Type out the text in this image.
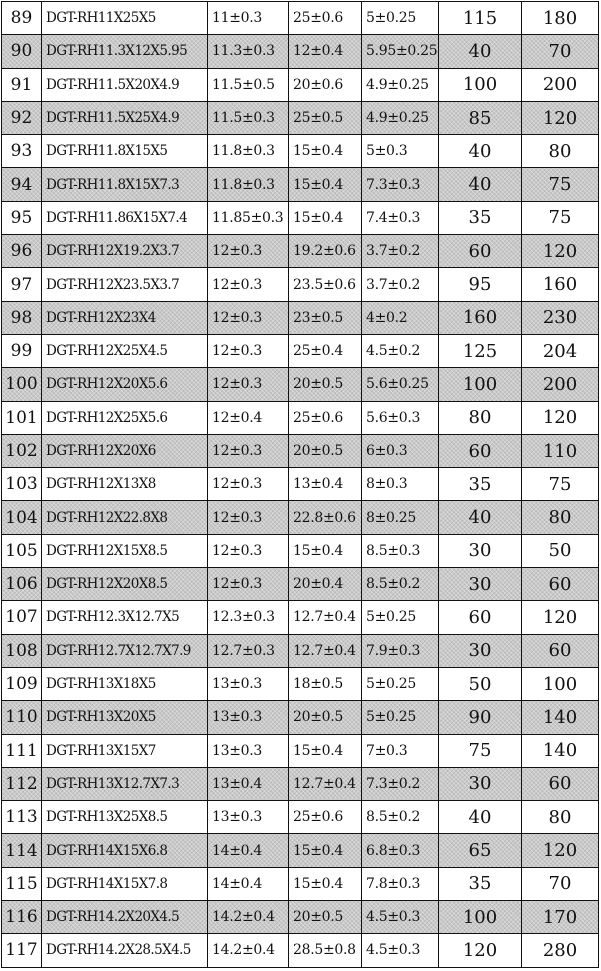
89	DGT-RH11X25X5	11±0.3	25±0.6	5±0.25	115	180
90	DGT-RH11.3X12X5.95	11.3±0.3	12±0.4	5.95±0.25	40	70
91	DGT-RH11.5X20X4.9	11.5±0.5	20±0.6	4.9±0.25	100	200
92	DGT-RH11.5X25X4.9	11.5±0.3	25±0.5	4.9±0.25	85	120
93	DGT-RH11.8X15X5	11.8±0.3	15±0.4	5±0.3	40	80
94	DGT-RH11.8X15X7.3	11.8±0.3	15±0.4	7.3±0.3	40	75
95	DGT-RH11.86X15X7.4	11.85±0.3	15±0.4	7.4±0.3	35	75
96	DGT-RH12X19.2X3.7	12±0.3	19.2±0.6	3.7±0.2	60	120
97	DGT-RH12X23.5X3.7	12±0.3	23.5±0.6	3.7±0.2	95	160
98	DGT-RH12X23X4	12±0.3	23±0.5	4±0.2	160	230
99	DGT-RH12X25X4.5	12±0.3	25±0.4	4.5±0.2	125	204
100	DGT-RH12X20X5.6	12±0.3	20±0.5	5.6±0.25	100	200
101	DGT-RH12X25X5.6	12±0.4	25±0.6	5.6±0.3	80	120
102	DGT-RH12X20X6	12±0.3	20±0.5	6±0.3	60	110
103	DGT-RH12X13X8	12±0.3	13±0.4	8±0.3	35	75
104	DGT-RH12X22.8X8	12±0.3	22.8±0.6	8±0.25	40	80
105	DGT-RH12X15X8.5	12±0.3	15±0.4	8.5±0.3	30	50
106	DGT-RH12X20X8.5	12±0.3	20±0.4	8.5±0.2	30	60
107	DGT-RH12.3X12.7X5	12.3±0.3	12.7±0.4	5±0.25	60	120
108	DGT-RH12.7X12.7X7.9	12.7±0.3	12.7±0.4	7.9±0.3	30	60
109	DGT-RH13X18X5	13±0.3	18±0.5	5±0.25	50	100
110	DGT-RH13X20X5	13±0.3	20±0.5	5±0.25	90	140
111	DGT-RH13X15X7	13±0.3	15±0.4	7±0.3	75	140
112	DGT-RH13X12.7X7.3	13±0.4	12.7±0.4	7.3±0.2	30	60
113	DGT-RH13X25X8.5	13±0.3	25±0.6	8.5±0.2	40	80
114	DGT-RH14X15X6.8	14±0.4	15±0.4	6.8±0.3	65	120
115	DGT-RH14X15X7.8	14±0.4	15±0.4	7.8±0.3	35	70
116	DGT-RH14.2X20X4.5	14.2±0.4	20±0.5	4.5±0.3	100	170
117	DGT-RH14.2X28.5X4.5	14.2±0.4	28.5±0.8	4.5±0.3	120	280
